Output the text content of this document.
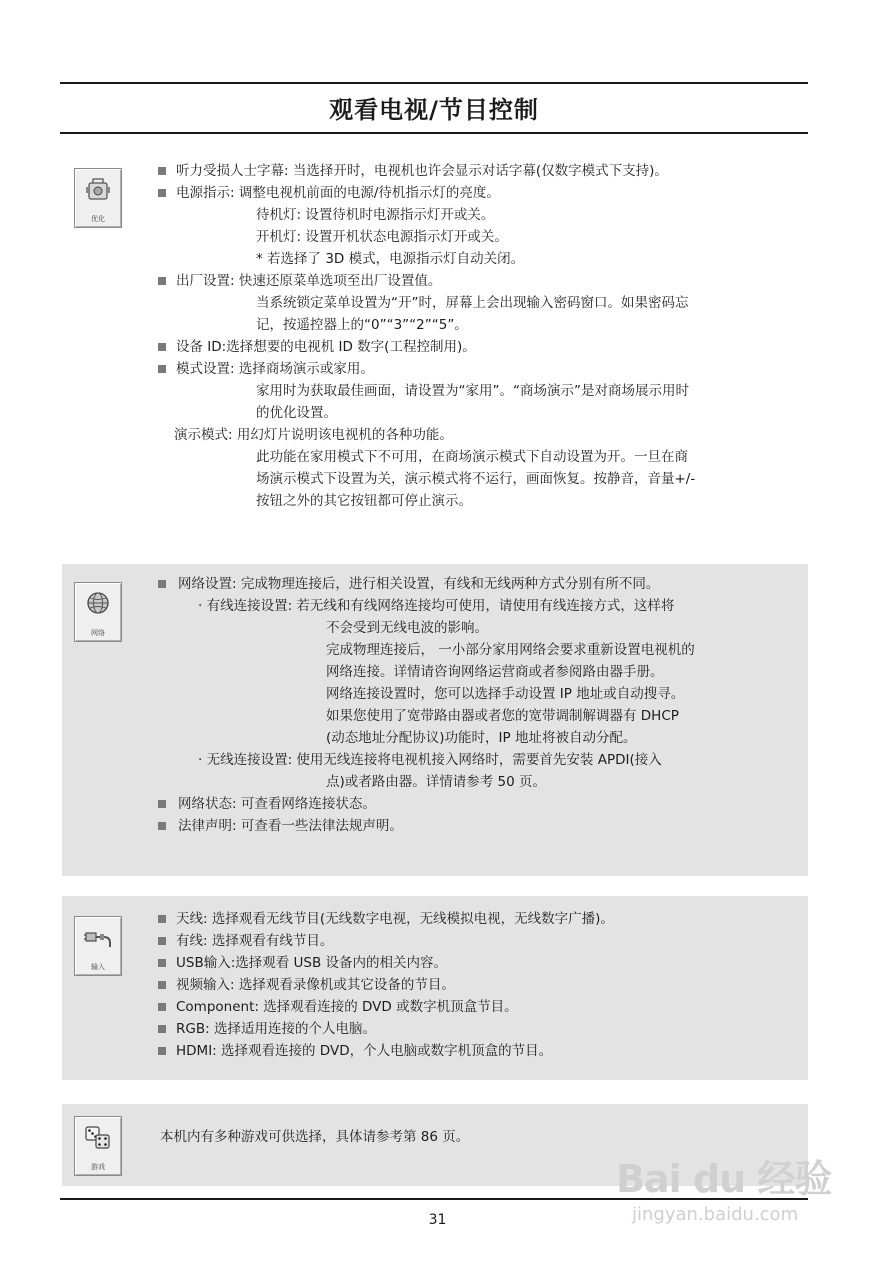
观看电视/节目控制
优化
听力受损人士字幕: 当选择开时，电视机也许会显示对话字幕(仅数字模式下支持)。
电源指示: 调整电视机前面的电源/待机指示灯的亮度。
待机灯: 设置待机时电源指示灯开或关。
开机灯: 设置开机状态电源指示灯开或关。
* 若选择了 3D 模式，电源指示灯自动关闭。
出厂设置: 快速还原菜单选项至出厂设置值。
当系统锁定菜单设置为“开”时，屏幕上会出现输入密码窗口。如果密码忘
记，按遥控器上的“0”“3”“2”“5”。
设备 ID:选择想要的电视机 ID 数字(工程控制用)。
模式设置: 选择商场演示或家用。
家用时为获取最佳画面，请设置为“家用”。“商场演示”是对商场展示用时
的优化设置。
演示模式: 用幻灯片说明该电视机的各种功能。
此功能在家用模式下不可用，在商场演示模式下自动设置为开。一旦在商
场演示模式下设置为关，演示模式将不运行，画面恢复。按静音，音量+/-
按钮之外的其它按钮都可停止演示。
网络
网络设置: 完成物理连接后，进行相关设置，有线和无线两种方式分别有所不同。
· 有线连接设置: 若无线和有线网络连接均可使用，请使用有线连接方式，这样将
不会受到无线电波的影响。
完成物理连接后， 一小部分家用网络会要求重新设置电视机的
网络连接。详情请咨询网络运营商或者参阅路由器手册。
网络连接设置时，您可以选择手动设置 IP 地址或自动搜寻。
如果您使用了宽带路由器或者您的宽带调制解调器有 DHCP
(动态地址分配协议)功能时，IP 地址将被自动分配。
· 无线连接设置: 使用无线连接将电视机接入网络时，需要首先安装 APDI(接入
点)或者路由器。详情请参考 50 页。
网络状态: 可查看网络连接状态。
法律声明: 可查看一些法律法规声明。
输入
天线: 选择观看无线节目(无线数字电视，无线模拟电视，无线数字广播)。
有线: 选择观看有线节目。
USB输入:选择观看 USB 设备内的相关内容。
视频输入: 选择观看录像机或其它设备的节目。
Component: 选择观看连接的 DVD 或数字机顶盒节目。
RGB: 选择适用连接的个人电脑。
HDMI: 选择观看连接的 DVD，个人电脑或数字机顶盒的节目。
游戏
本机内有多种游戏可供选择，具体请参考第 86 页。
31
Bai du 经验
jingyan.baidu.com
